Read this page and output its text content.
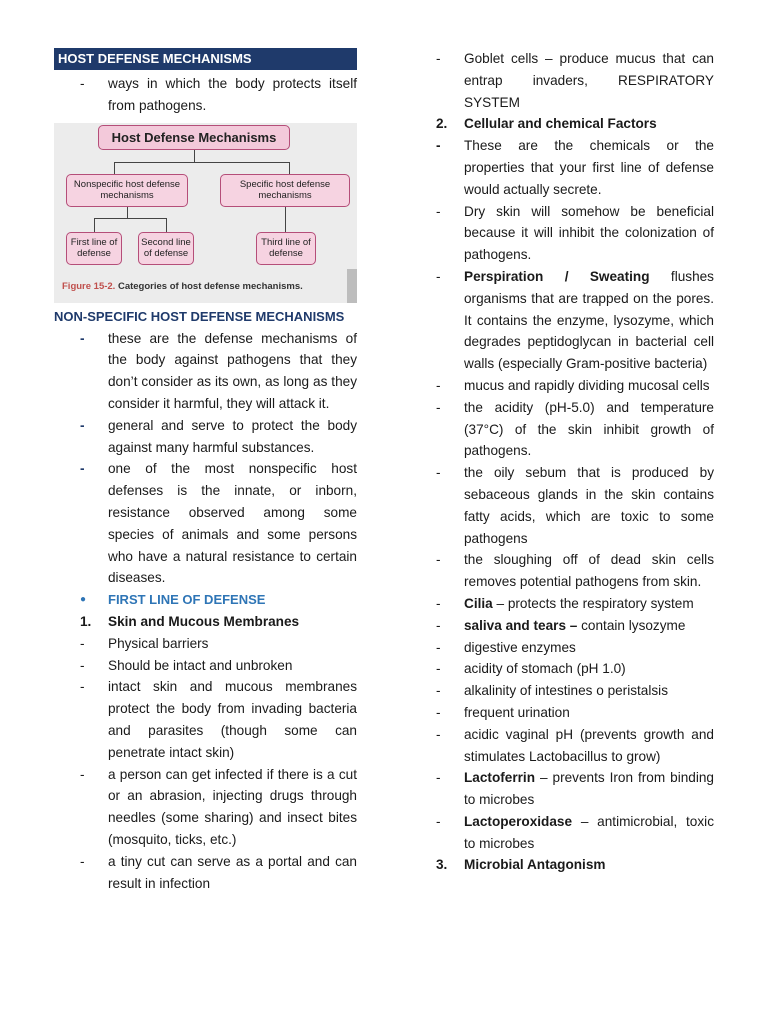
HOST DEFENSE MECHANISMS
-	ways in which the body protects itself from pathogens.
Host Defense Mechanisms
Nonspecific host defense mechanisms
Specific host defense mechanisms
First line of defense
Second line of defense
Third line of defense
Figure 15-2. Categories of host defense mechanisms.
NON-SPECIFIC HOST DEFENSE MECHANISMS
-	these are the defense mechanisms of the body against pathogens that they don’t consider as its own, as long as they consider it harmful, they will attack it.
-	general and serve to protect the body against many harmful substances.
-	one of the most nonspecific host defenses is the innate, or inborn, resistance observed among some species of animals and some persons who have a natural resistance to certain diseases.
●	FIRST LINE OF DEFENSE
1.	Skin and Mucous Membranes
-	Physical barriers
-	Should be intact and unbroken
-	intact skin and mucous membranes protect the body from invading bacteria and parasites (though some can penetrate intact skin)
-	a person can get infected if there is a cut or an abrasion, injecting drugs through needles (some sharing) and insect bites (mosquito, ticks, etc.)
-	a tiny cut can serve as a portal and can result in infection
-	Goblet cells – produce mucus that can entrap invaders, RESPIRATORY SYSTEM
2.	Cellular and chemical Factors
-	These are the chemicals or the properties that your first line of defense would actually secrete.
-	Dry skin will somehow be beneficial because it will inhibit the colonization of pathogens.
-	Perspiration / Sweating flushes organisms that are trapped on the pores. It contains the enzyme, lysozyme, which degrades peptidoglycan in bacterial cell walls (especially Gram-positive bacteria)
-	mucus and rapidly dividing mucosal cells
-	the acidity (pH-5.0) and temperature (37°C) of the skin inhibit growth of pathogens.
-	the oily sebum that is produced by sebaceous glands in the skin contains fatty acids, which are toxic to some pathogens
-	the sloughing off of dead skin cells removes potential pathogens from skin.
-	Cilia – protects the respiratory system
-	saliva and tears – contain lysozyme
-	digestive enzymes
-	acidity of stomach (pH 1.0)
-	alkalinity of intestines o peristalsis
-	frequent urination
-	acidic vaginal pH (prevents growth and stimulates Lactobacillus to grow)
-	Lactoferrin – prevents Iron from binding to microbes
-	Lactoperoxidase – antimicrobial, toxic to microbes
3.	Microbial Antagonism
